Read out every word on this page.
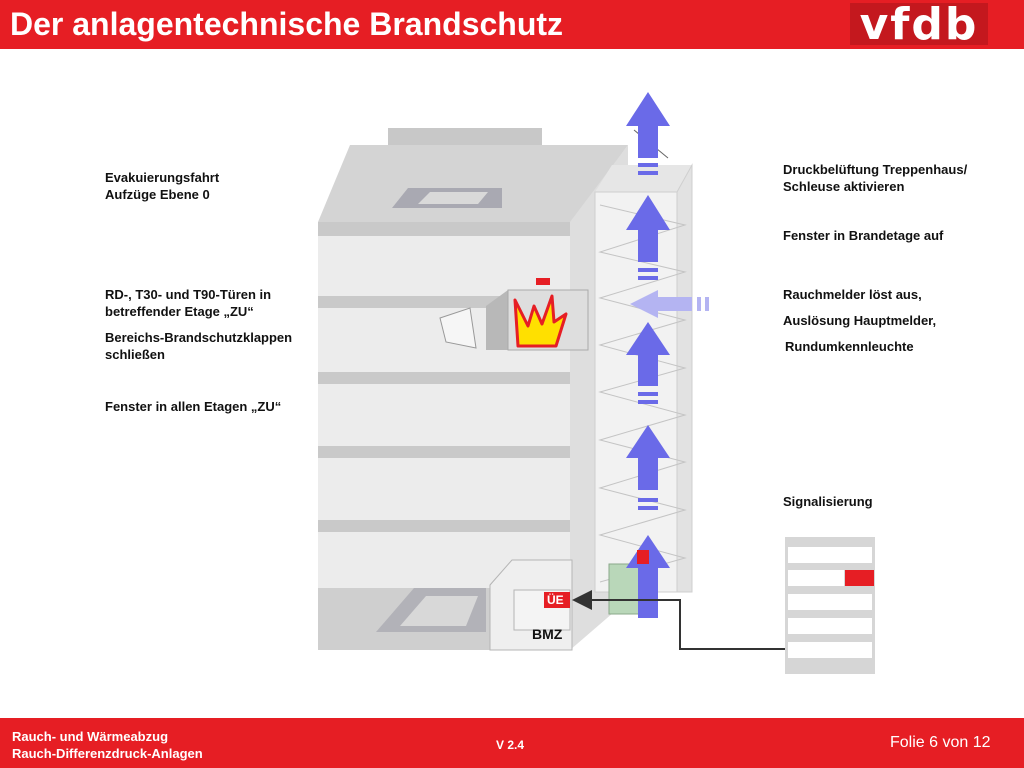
Der anlagentechnische Brandschutz	vfdb
ÜE
BMZ
Evakuierungsfahrt
Aufzüge Ebene 0
RD-, T30- und T90-Türen in
betreffender Etage „ZU“
Bereichs-Brandschutzklappen
schließen
Fenster in allen Etagen „ZU“
Druckbelüftung Treppenhaus/
Schleuse aktivieren
Fenster in Brandetage auf
Rauchmelder löst aus,
Auslösung Hauptmelder,
Rundumkennleuchte
Signalisierung
Rauch- und Wärmeabzug
Rauch-Differenzdruck-Anlagen
V 2.4	Folie 6 von 12
